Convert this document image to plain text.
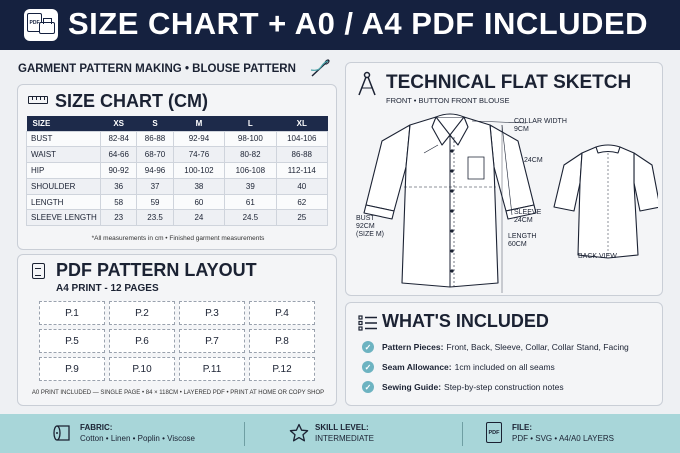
PDF SIZE CHART + A0 / A4 PDF INCLUDED
GARMENT PATTERN MAKING • BLOUSE PATTERN
SIZE CHART (CM)
SIZE	XS	S	M	L	XL
BUST	82-84	86-88	92-94	98-100	104-106
WAIST	64-66	68-70	74-76	80-82	86-88
HIP	90-92	94-96	100-102	106-108	112-114
SHOULDER	36	37	38	39	40
LENGTH	58	59	60	61	62
SLEEVE LENGTH	23	23.5	24	24.5	25
*All measurements in cm • Finished garment measurements
PDF PATTERN LAYOUT
A4 PRINT - 12 PAGES
P.1	P.2	P.3	P.4
P.5	P.6	P.7	P.8
P.9	P.10	P.11	P.12
A0 PRINT INCLUDED — SINGLE PAGE • 84 × 118CM • LAYERED PDF • PRINT AT HOME OR COPY SHOP
TECHNICAL FLAT SKETCH
FRONT • BUTTON FRONT BLOUSE
COLLAR WIDTH
9CM
24CM
BUST
92CM
(SIZE M)
SLEEVE
24CM
LENGTH
60CM
BACK VIEW
WHAT'S INCLUDED
✓	Pattern Pieces: Front, Back, Sleeve, Collar, Collar Stand, Facing
✓	Seam Allowance: 1cm included on all seams
✓	Sewing Guide: Step-by-step construction notes
FABRIC:
Cotton • Linen • Poplin • Viscose
SKILL LEVEL:
INTERMEDIATE
PDF
FILE:
PDF • SVG • A4/A0 LAYERS
